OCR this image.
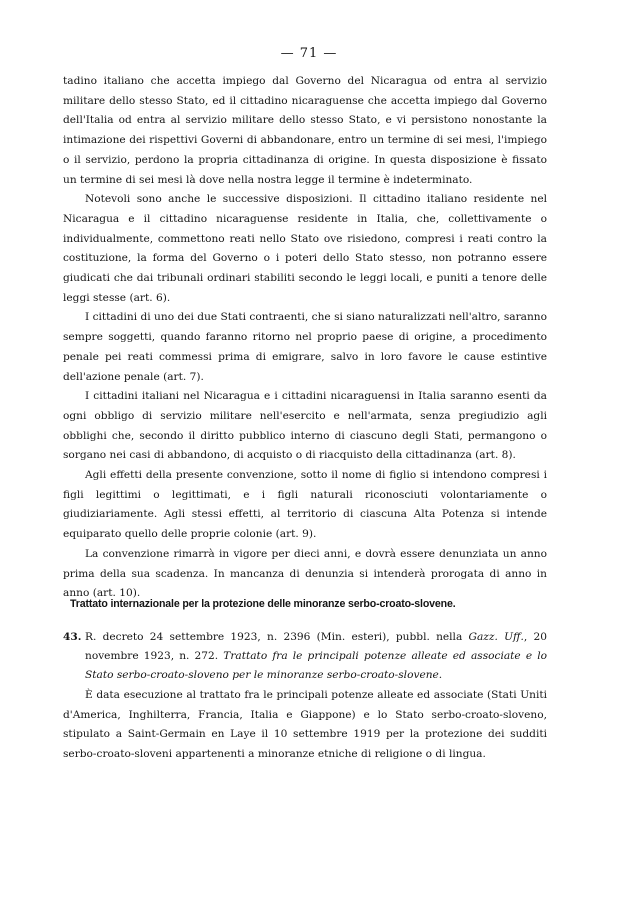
— 71 —

tadino italiano che accetta impiego dal Governo del Nicaragua od entra al servizio militare dello stesso Stato, ed il cittadino nicaraguense che accetta impiego dal Governo dell'Italia od entra al servizio militare dello stesso Stato, e vi persistono nonostante la intimazione dei rispettivi Governi di abbandonare, entro un termine di sei mesi, l'impiego o il servizio, perdono la propria cittadinanza di origine. In questa disposizione è fissato un termine di sei mesi là dove nella nostra legge il termine è indeterminato.

Notevoli sono anche le successive disposizioni. Il cittadino italiano residente nel Nicaragua e il cittadino nicaraguense residente in Italia, che, collettivamente o individualmente, commettono reati nello Stato ove risiedono, compresi i reati contro la costituzione, la forma del Governo o i poteri dello Stato stesso, non potranno essere giudicati che dai tribunali ordinari stabiliti secondo le leggi locali, e puniti a tenore delle leggi stesse (art. 6).

I cittadini di uno dei due Stati contraenti, che si siano naturalizzati nell'altro, saranno sempre soggetti, quando faranno ritorno nel proprio paese di origine, a procedimento penale pei reati commessi prima di emigrare, salvo in loro favore le cause estintive dell'azione penale (art. 7).

I cittadini italiani nel Nicaragua e i cittadini nicaraguensi in Italia saranno esenti da ogni obbligo di servizio militare nell'esercito e nell'armata, senza pregiudizio agli obblighi che, secondo il diritto pubblico interno di ciascuno degli Stati, permangono o sorgano nei casi di abbandono, di acquisto o di riacquisto della cittadinanza (art. 8).

Agli effetti della presente convenzione, sotto il nome di figlio si intendono compresi i figli legittimi o legittimati, e i figli naturali riconosciuti volontariamente o giudiziariamente. Agli stessi effetti, al territorio di ciascuna Alta Potenza si intende equiparato quello delle proprie colonie (art. 9).

La convenzione rimarrà in vigore per dieci anni, e dovrà essere denunziata un anno prima della sua scadenza. In mancanza di denunzia si intenderà prorogata di anno in anno (art. 10).

Trattato internazionale per la protezione delle minoranze serbo-croato-slovene.
43. R. decreto 24 settembre 1923, n. 2396 (Min. esteri), pubbl. nella Gazz. Uff., 20 novembre 1923, n. 272. Trattato fra le principali potenze alleate ed associate e lo Stato serbo-croato-sloveno per le minoranze serbo-croato-slovene.

È data esecuzione al trattato fra le principali potenze alleate ed associate (Stati Uniti d'America, Inghilterra, Francia, Italia e Giappone) e lo Stato serbo-croato-sloveno, stipulato a Saint-Germain en Laye il 10 settembre 1919 per la protezione dei sudditi serbo-croato-sloveni appartenenti a minoranze etniche di religione o di lingua.
